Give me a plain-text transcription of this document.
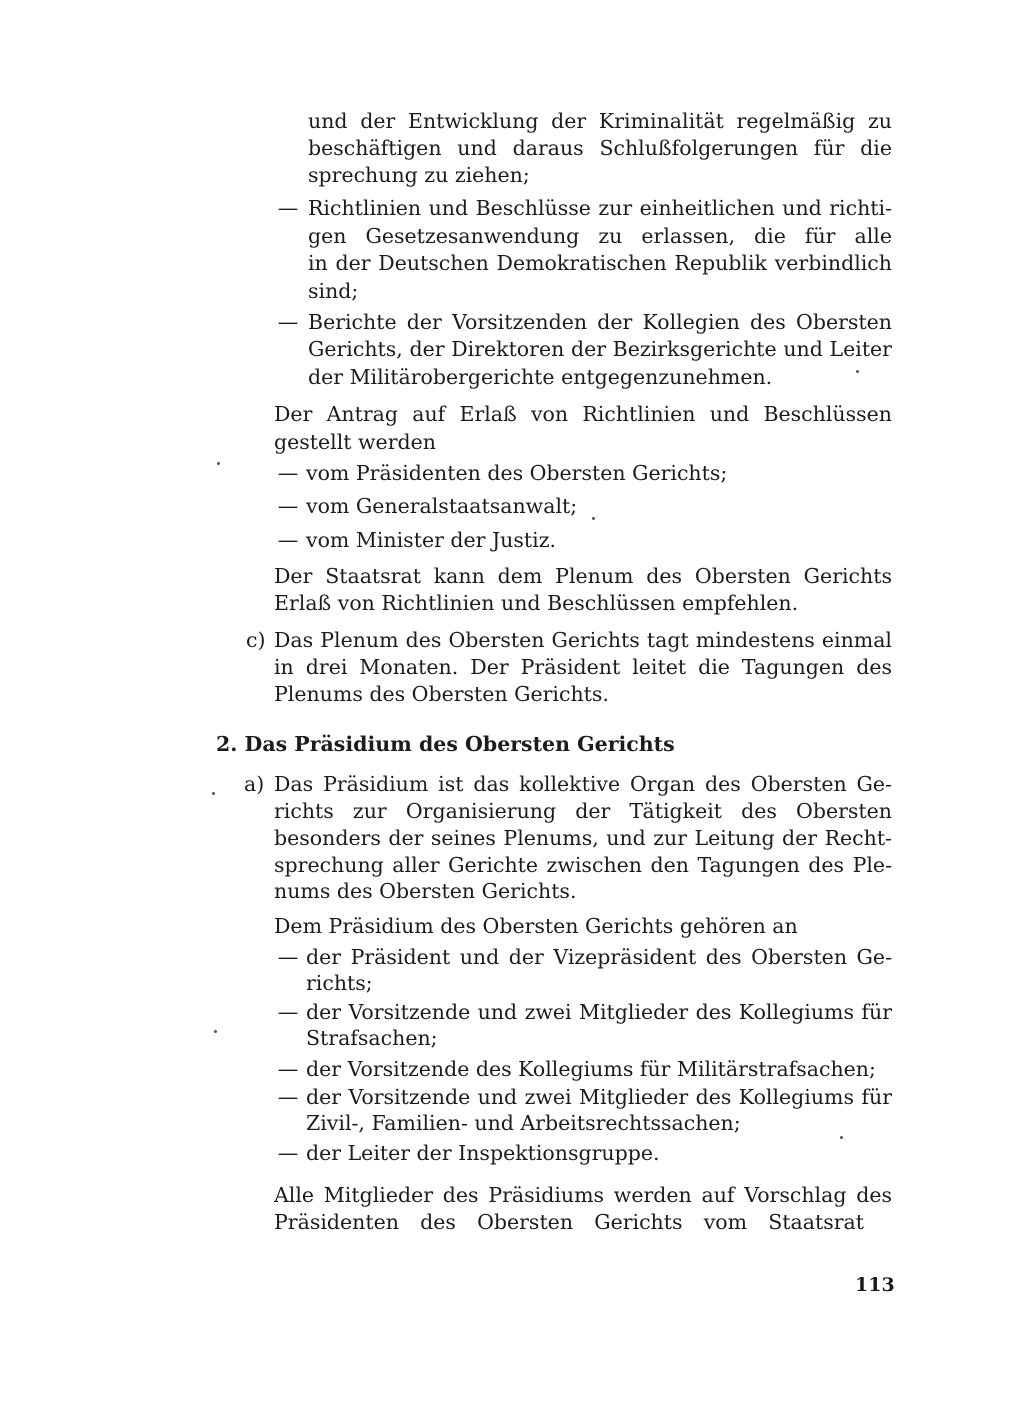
und der Entwicklung der Kriminalität regelmäßig zu
beschäftigen und daraus Schlußfolgerungen für die
sprechung zu ziehen;
— Richtlinien und Beschlüsse zur einheitlichen und richti-
gen Gesetzesanwendung zu erlassen, die für alle
in der Deutschen Demokratischen Republik verbindlich
sind;
— Berichte der Vorsitzenden der Kollegien des Obersten
Gerichts, der Direktoren der Bezirksgerichte und Leiter
der Militärobergerichte entgegenzunehmen.
Der Antrag auf Erlaß von Richtlinien und Beschlüssen
gestellt werden
— vom Präsidenten des Obersten Gerichts;
— vom Generalstaatsanwalt;
— vom Minister der Justiz.
Der Staatsrat kann dem Plenum des Obersten Gerichts
Erlaß von Richtlinien und Beschlüssen empfehlen.
c) Das Plenum des Obersten Gerichts tagt mindestens einmal
in drei Monaten. Der Präsident leitet die Tagungen des
Plenums des Obersten Gerichts.
2. Das Präsidium des Obersten Gerichts
a) Das Präsidium ist das kollektive Organ des Obersten Ge-
richts zur Organisierung der Tätigkeit des Obersten
besonders der seines Plenums, und zur Leitung der Recht-
sprechung aller Gerichte zwischen den Tagungen des Ple-
nums des Obersten Gerichts.
Dem Präsidium des Obersten Gerichts gehören an
— der Präsident und der Vizepräsident des Obersten Ge-
richts;
— der Vorsitzende und zwei Mitglieder des Kollegiums für
Strafsachen;
— der Vorsitzende des Kollegiums für Militärstrafsachen;
— der Vorsitzende und zwei Mitglieder des Kollegiums für
Zivil-, Familien- und Arbeitsrechtssachen;
— der Leiter der Inspektionsgruppe.
Alle Mitglieder des Präsidiums werden auf Vorschlag des
Präsidenten des Obersten Gerichts vom Staatsrat
113
